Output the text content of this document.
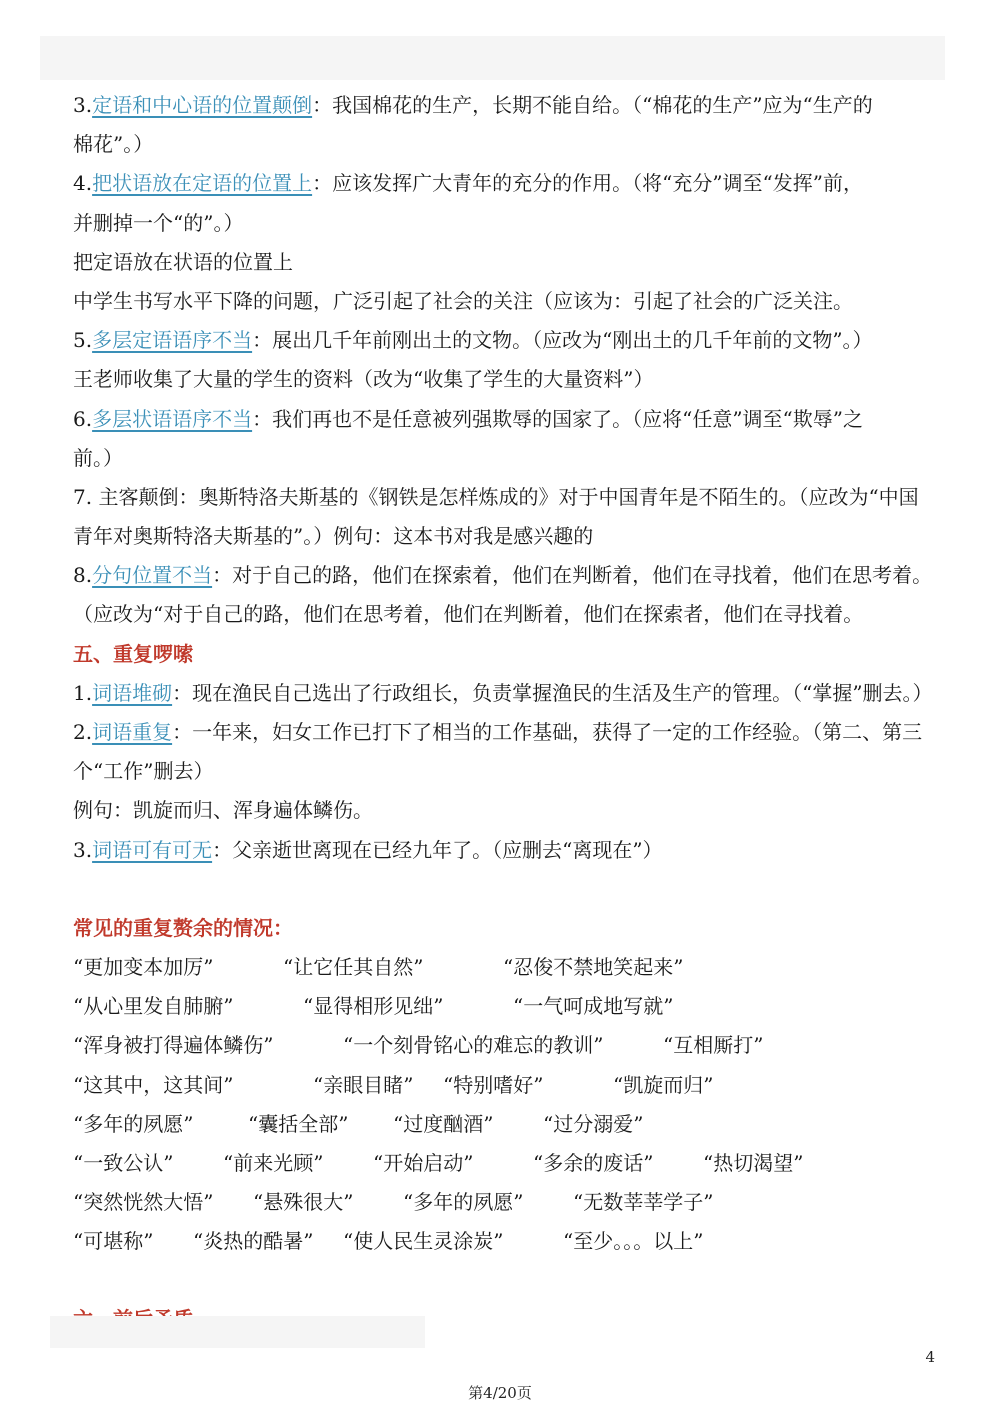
3.定语和中心语的位置颠倒：我国棉花的生产，长期不能自给。（“棉花的生产”应为“生产的
棉花”。）
4.把状语放在定语的位置上：应该发挥广大青年的充分的作用。（将“充分”调至“发挥”前，
并删掉一个“的”。）
把定语放在状语的位置上
中学生书写水平下降的问题，广泛引起了社会的关注（应该为：引起了社会的广泛关注。
5.多层定语语序不当：展出几千年前刚出土的文物。（应改为“刚出土的几千年前的文物”。）
王老师收集了大量的学生的资料（改为“收集了学生的大量资料”）
6.多层状语语序不当：我们再也不是任意被列强欺辱的国家了。（应将“任意”调至“欺辱”之
前。）
7. 主客颠倒：奥斯特洛夫斯基的《钢铁是怎样炼成的》对于中国青年是不陌生的。（应改为“中国
青年对奥斯特洛夫斯基的”。）例句：这本书对我是感兴趣的
8.分句位置不当：对于自己的路，他们在探索着，他们在判断着，他们在寻找着，他们在思考着。
（应改为“对于自己的路，他们在思考着，他们在判断着，他们在探索者，他们在寻找着。
五、重复啰嗦
1.词语堆砌：现在渔民自己选出了行政组长，负责掌握渔民的生活及生产的管理。（“掌握”删去。）
2.词语重复：一年来，妇女工作已打下了相当的工作基础，获得了一定的工作经验。（第二、第三
个“工作”删去）
例句：凯旋而归、浑身遍体鳞伤。
3.词语可有可无：父亲逝世离现在已经九年了。（应删去“离现在”）
常见的重复赘余的情况：
“更加变本加厉”	“让它任其自然”	“忍俊不禁地笑起来”
“从心里发自肺腑”	“显得相形见绌”	“一气呵成地写就”
“浑身被打得遍体鳞伤”	“一个刻骨铭心的难忘的教训”	“互相厮打”
“这其中，这其间”	“亲眼目睹” “特别嗜好”	“凯旋而归”
“多年的夙愿”	“囊括全部” “过度酗酒” “过分溺爱”
“一致公认” “前来光顾” “开始启动”	“多余的废话” “热切渴望”
“突然恍然大悟” “悬殊很大” “多年的夙愿” “无数莘莘学子”
“可堪称” “炎热的酷暑” “使人民生灵涂炭”	“至少。。。以上”
4
第4/20页
